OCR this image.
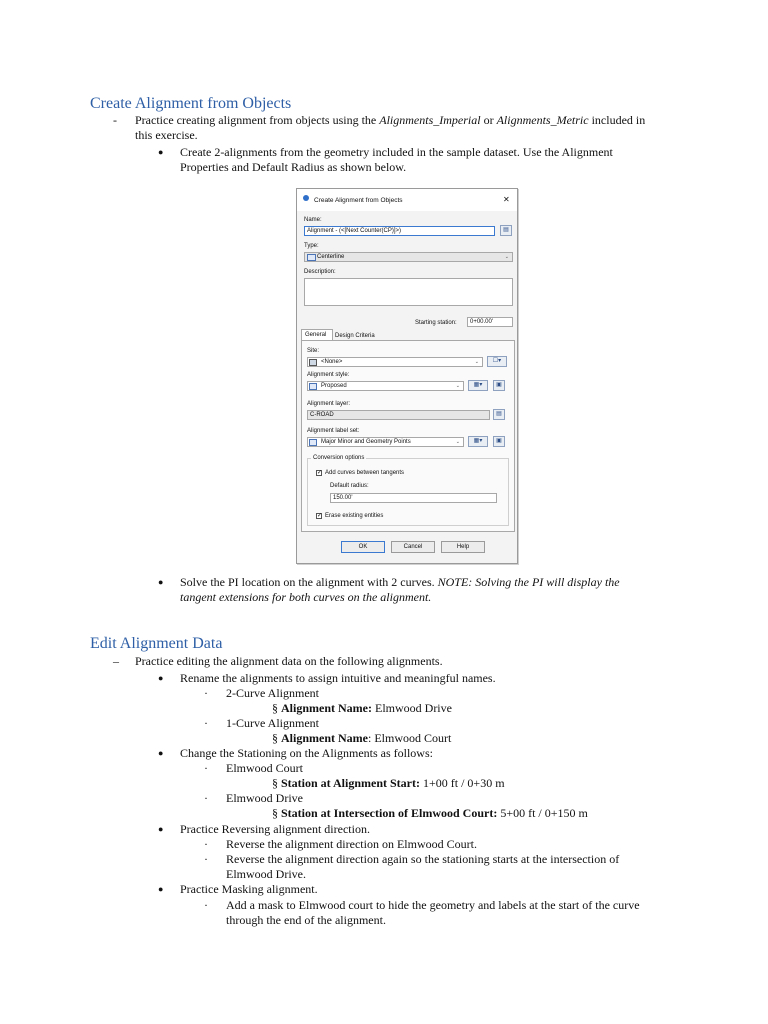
Create Alignment from Objects
- Practice creating alignment from objects using the Alignments_Imperial or Alignments_Metric included in
this exercise.
● Create 2-alignments from the geometry included in the sample dataset. Use the Alignment
Properties and Default Radius as shown below.
Create Alignment from Objects	✕
Name:
Alignment - (<[Next Counter(CP)]>)	▤
Type:
Centerline	⌄
Description:
Starting station:	0+00.00'
General Design Criteria
Site:
<None>	⌄	☐▾
Alignment style:
Proposed	⌄	▦▾	▣
Alignment layer:
C-ROAD	▤
Alignment label set:
Major Minor and Geometry Points	⌄	▦▾	▣
Conversion options
✓ Add curves between tangents
Default radius:
150.00'
✓ Erase existing entities
OK	Cancel	Help
● Solve the PI location on the alignment with 2 curves. NOTE: Solving the PI will display the
tangent extensions for both curves on the alignment.
Edit Alignment Data
– Practice editing the alignment data on the following alignments.
● Rename the alignments to assign intuitive and meaningful names.
· 2-Curve Alignment
§ Alignment Name: Elmwood Drive
· 1-Curve Alignment
§ Alignment Name: Elmwood Court
● Change the Stationing on the Alignments as follows:
· Elmwood Court
§ Station at Alignment Start: 1+00 ft / 0+30 m
· Elmwood Drive
§ Station at Intersection of Elmwood Court: 5+00 ft / 0+150 m
● Practice Reversing alignment direction.
· Reverse the alignment direction on Elmwood Court.
· Reverse the alignment direction again so the stationing starts at the intersection of
Elmwood Drive.
● Practice Masking alignment.
· Add a mask to Elmwood court to hide the geometry and labels at the start of the curve
through the end of the alignment.
